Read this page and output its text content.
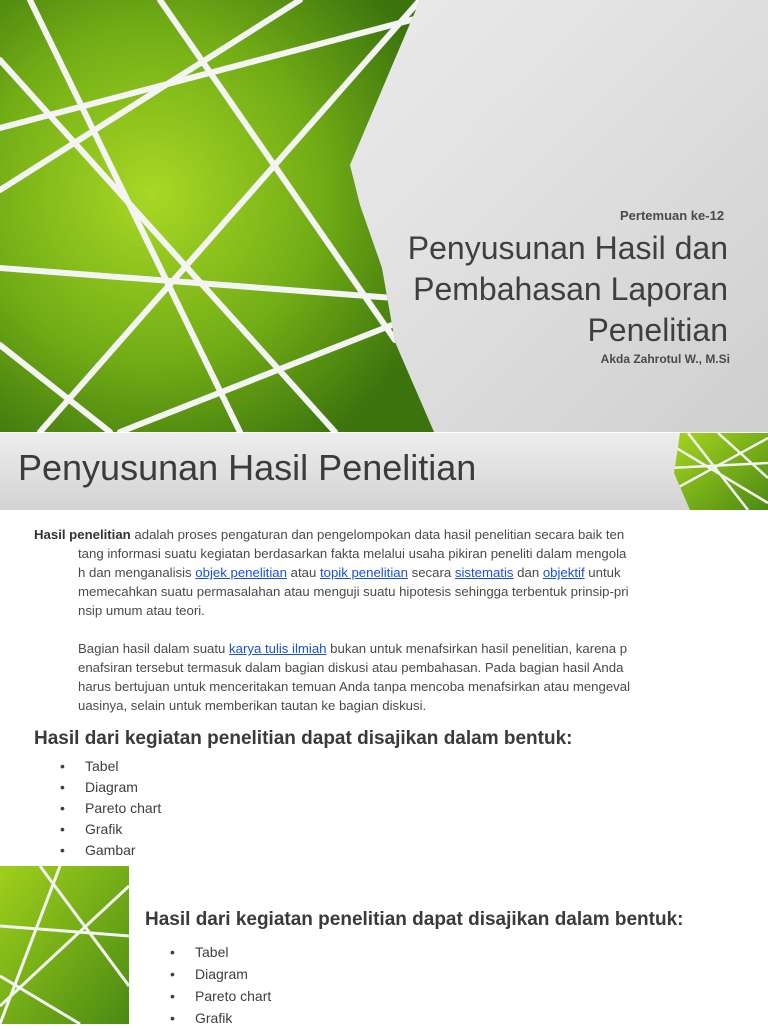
Pertemuan ke-12
Penyusunan Hasil dan
Pembahasan Laporan
Penelitian
Akda Zahrotul W., M.Si
Penyusunan Hasil Penelitian
Hasil penelitian adalah proses pengaturan dan pengelompokan data hasil penelitian secara baik ten
tang informasi suatu kegiatan berdasarkan fakta melalui usaha pikiran peneliti dalam mengola
h dan menganalisis objek penelitian atau topik penelitian secara sistematis dan objektif untuk
memecahkan suatu permasalahan atau menguji suatu hipotesis sehingga terbentuk prinsip-pri
nsip umum atau teori.
Bagian hasil dalam suatu karya tulis ilmiah bukan untuk menafsirkan hasil penelitian, karena p
enafsiran tersebut termasuk dalam bagian diskusi atau pembahasan. Pada bagian hasil Anda
harus bertujuan untuk menceritakan temuan Anda tanpa mencoba menafsirkan atau mengeval
uasinya, selain untuk memberikan tautan ke bagian diskusi.
Hasil dari kegiatan penelitian dapat disajikan dalam bentuk:
• Tabel
• Diagram
• Pareto chart
• Grafik
• Gambar
Hasil dari kegiatan penelitian dapat disajikan dalam bentuk:
• Tabel
• Diagram
• Pareto chart
• Grafik
